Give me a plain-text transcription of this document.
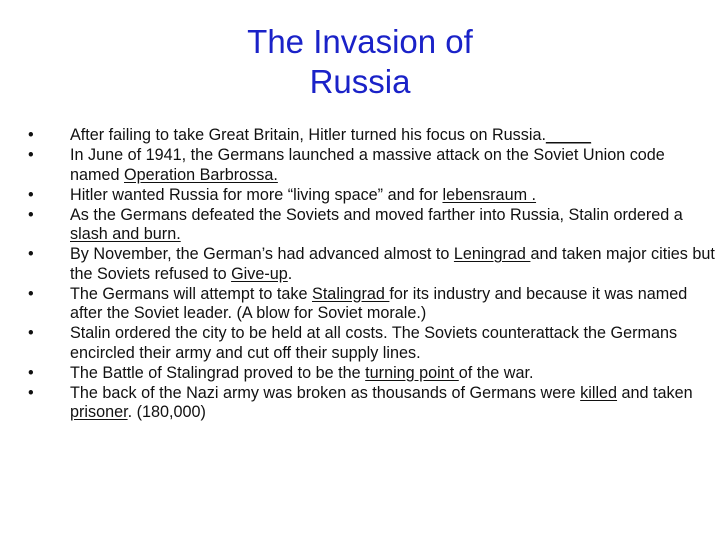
The Invasion of
Russia
•	After failing to take Great Britain, Hitler turned his focus on Russia._____
•	In June of 1941, the Germans launched a massive attack on the Soviet Union code named Operation Barbrossa.
•	Hitler wanted Russia for more “living space” and for lebensraum .
•	As the Germans defeated the Soviets and moved farther into Russia, Stalin ordered a slash and burn.
•	By November, the German’s had advanced almost to Leningrad and taken major cities but the Soviets refused to Give-up.
•	The Germans will attempt to take Stalingrad for its industry and because it was named after the Soviet leader. (A blow for Soviet morale.)
•	Stalin ordered the city to be held at all costs. The Soviets counterattack the Germans encircled their army and cut off their supply lines.
•	The Battle of Stalingrad proved to be the turning point of the war.
•	The back of the Nazi army was broken as thousands of Germans were killed and taken prisoner. (180,000)
